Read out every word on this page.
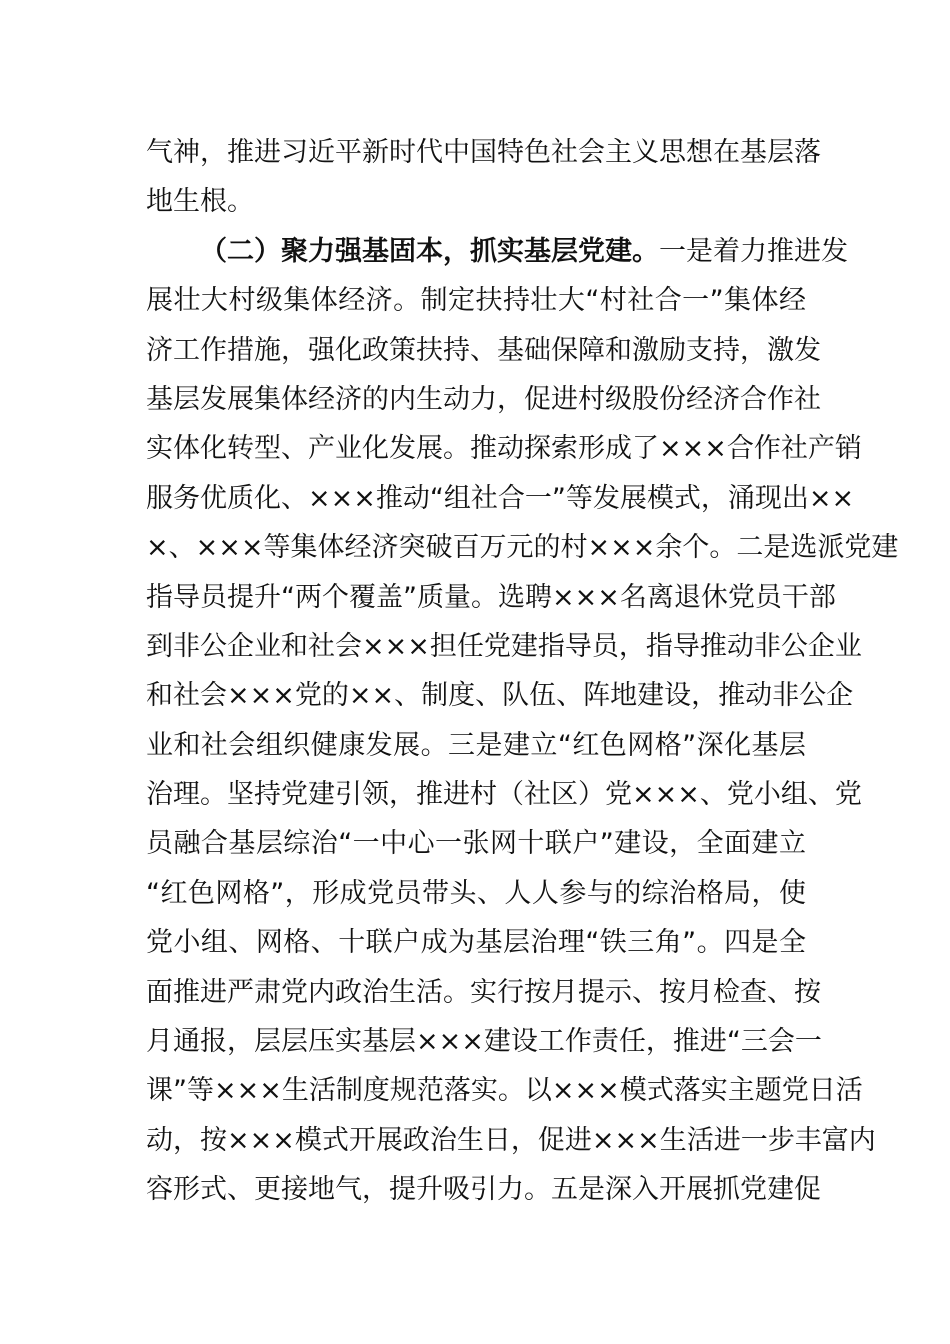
气神，推进习近平新时代中国特色社会主义思想在基层落
地生根。
（二）聚力强基固本，抓实基层党建。一是着力推进发
展壮大村级集体经济。制定扶持壮大“村社合一”集体经
济工作措施，强化政策扶持、基础保障和激励支持，激发
基层发展集体经济的内生动力，促进村级股份经济合作社
实体化转型、产业化发展。推动探索形成了×××合作社产销
服务优质化、×××推动“组社合一”等发展模式，涌现出××
×、×××等集体经济突破百万元的村×××余个。二是选派党建
指导员提升“两个覆盖”质量。选聘×××名离退休党员干部
到非公企业和社会×××担任党建指导员，指导推动非公企业
和社会×××党的××、制度、队伍、阵地建设，推动非公企
业和社会组织健康发展。三是建立“红色网格”深化基层
治理。坚持党建引领，推进村（社区）党×××、党小组、党
员融合基层综治“一中心一张网十联户”建设，全面建立
“红色网格”，形成党员带头、人人参与的综治格局，使
党小组、网格、十联户成为基层治理“铁三角”。四是全
面推进严肃党内政治生活。实行按月提示、按月检查、按
月通报，层层压实基层×××建设工作责任，推进“三会一
课”等×××生活制度规范落实。以×××模式落实主题党日活
动，按×××模式开展政治生日，促进×××生活进一步丰富内
容形式、更接地气，提升吸引力。五是深入开展抓党建促
